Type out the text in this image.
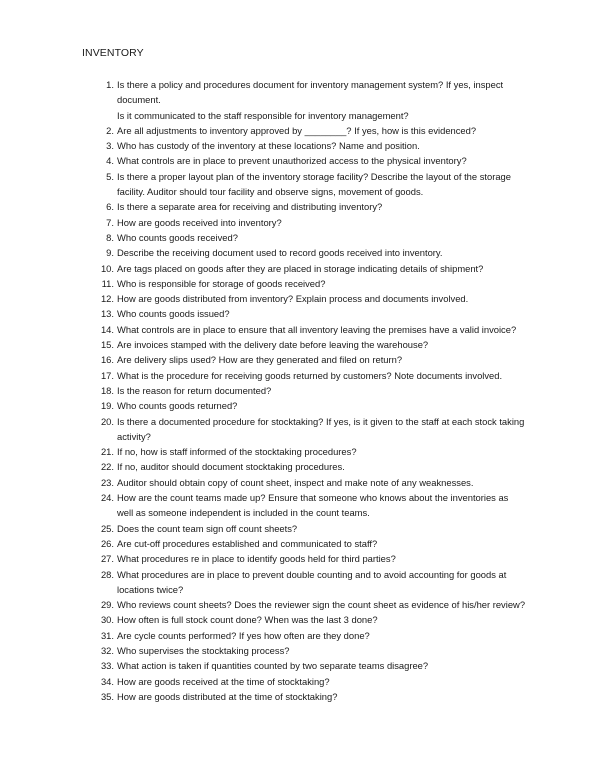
INVENTORY
1. Is there a policy and procedures document for inventory management system? If yes, inspect document.
Is it communicated to the staff responsible for inventory management?
2. Are all adjustments to inventory approved by ________? If yes, how is this evidenced?
3. Who has custody of the inventory at these locations? Name and position.
4. What controls are in place to prevent unauthorized access to the physical inventory?
5. Is there a proper layout plan of the inventory storage facility? Describe the layout of the storage facility. Auditor should tour facility and observe signs, movement of goods.
6. Is there a separate area for receiving and distributing inventory?
7. How are goods received into inventory?
8. Who counts goods received?
9. Describe the receiving document used to record goods received into inventory.
10. Are tags placed on goods after they are placed in storage indicating details of shipment?
11. Who is responsible for storage of goods received?
12. How are goods distributed from inventory? Explain process and documents involved.
13. Who counts goods issued?
14. What controls are in place to ensure that all inventory leaving the premises have a valid invoice?
15. Are invoices stamped with the delivery date before leaving the warehouse?
16. Are delivery slips used? How are they generated and filed on return?
17. What is the procedure for receiving goods returned by customers? Note documents involved.
18. Is the reason for return documented?
19. Who counts goods returned?
20. Is there a documented procedure for stocktaking? If yes, is it given to the staff at each stock taking activity?
21. If no, how is staff informed of the stocktaking procedures?
22. If no, auditor should document stocktaking procedures.
23. Auditor should obtain copy of count sheet, inspect and make note of any weaknesses.
24. How are the count teams made up? Ensure that someone who knows about the inventories as well as someone independent is included in the count teams.
25. Does the count team sign off count sheets?
26. Are cut-off procedures established and communicated to staff?
27. What procedures re in place to identify goods held for third parties?
28. What procedures are in place to prevent double counting and to avoid accounting for goods at locations twice?
29. Who reviews count sheets? Does the reviewer sign the count sheet as evidence of his/her review?
30. How often is full stock count done? When was the last 3 done?
31. Are cycle counts performed? If yes how often are they done?
32. Who supervises the stocktaking process?
33. What action is taken if quantities counted by two separate teams disagree?
34. How are goods received at the time of stocktaking?
35. How are goods distributed at the time of stocktaking?
